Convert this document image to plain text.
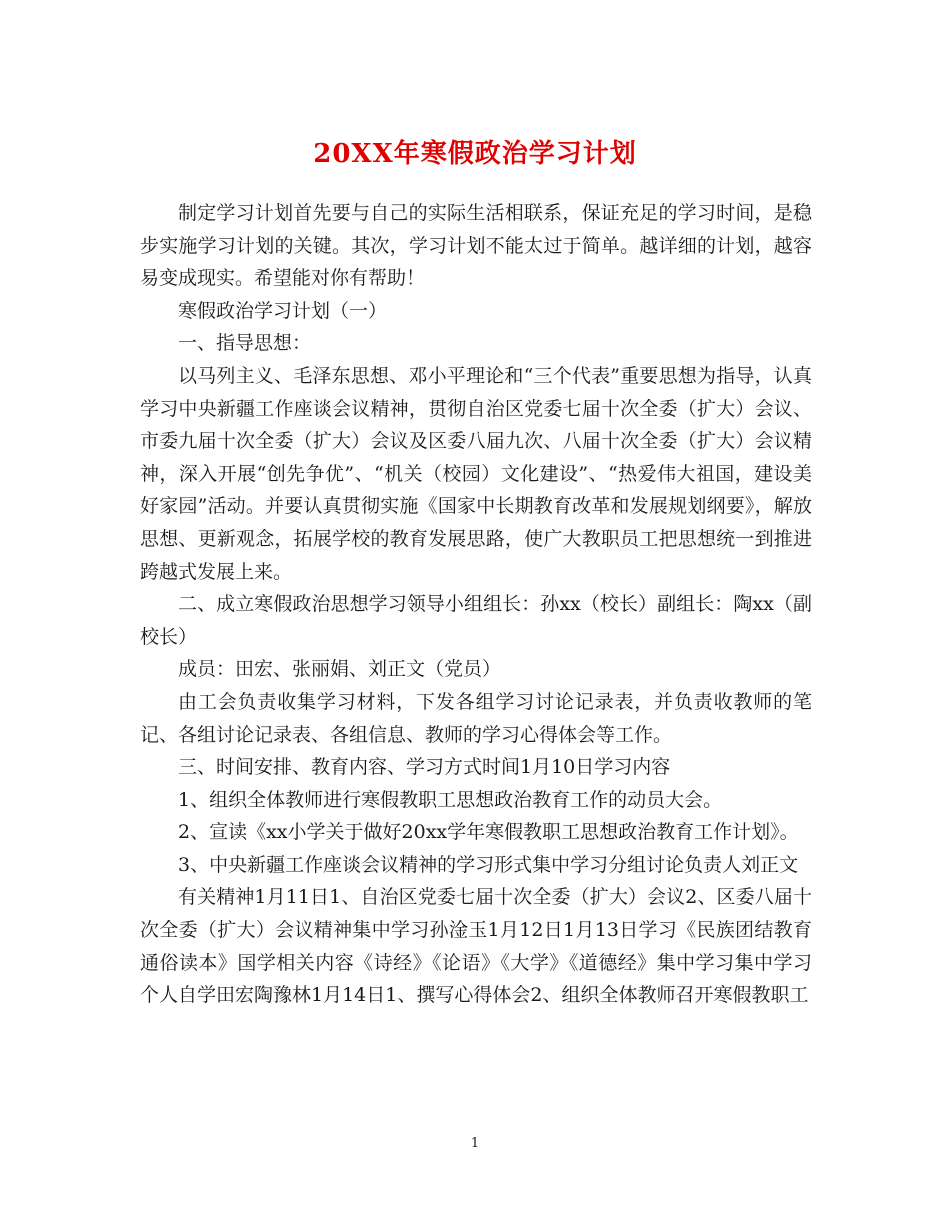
20XX年寒假政治学习计划

制定学习计划首先要与自己的实际生活相联系，保证充足的学习时间，是稳步实施学习计划的关键。其次，学习计划不能太过于简单。越详细的计划，越容易变成现实。希望能对你有帮助！

寒假政治学习计划（一）

一、指导思想：

以马列主义、毛泽东思想、邓小平理论和“三个代表”重要思想为指导，认真学习中央新疆工作座谈会议精神，贯彻自治区党委七届十次全委（扩大）会议、市委九届十次全委（扩大）会议及区委八届九次、八届十次全委（扩大）会议精神，深入开展“创先争优”、“机关（校园）文化建设”、“热爱伟大祖国，建设美好家园”活动。并要认真贯彻实施《国家中长期教育改革和发展规划纲要》，解放思想、更新观念，拓展学校的教育发展思路，使广大教职员工把思想统一到推进跨越式发展上来。

二、成立寒假政治思想学习领导小组组长：孙xx（校长）副组长：陶xx（副校长）

成员：田宏、张丽娟、刘正文（党员）

由工会负责收集学习材料，下发各组学习讨论记录表，并负责收教师的笔记、各组讨论记录表、各组信息、教师的学习心得体会等工作。

三、时间安排、教育内容、学习方式时间1月10日学习内容

1、组织全体教师进行寒假教职工思想政治教育工作的动员大会。

2、宣读《xx小学关于做好20xx学年寒假教职工思想政治教育工作计划》。

3、中央新疆工作座谈会议精神的学习形式集中学习分组讨论负责人刘正文

有关精神1月11日1、自治区党委七届十次全委（扩大）会议2、区委八届十次全委（扩大）会议精神集中学习孙淦玉1月12日1月13日学习《民族团结教育通俗读本》国学相关内容《诗经》《论语》《大学》《道德经》集中学习集中学习个人自学田宏陶豫林1月14日1、撰写心得体会2、组织全体教师召开寒假教职工

1
